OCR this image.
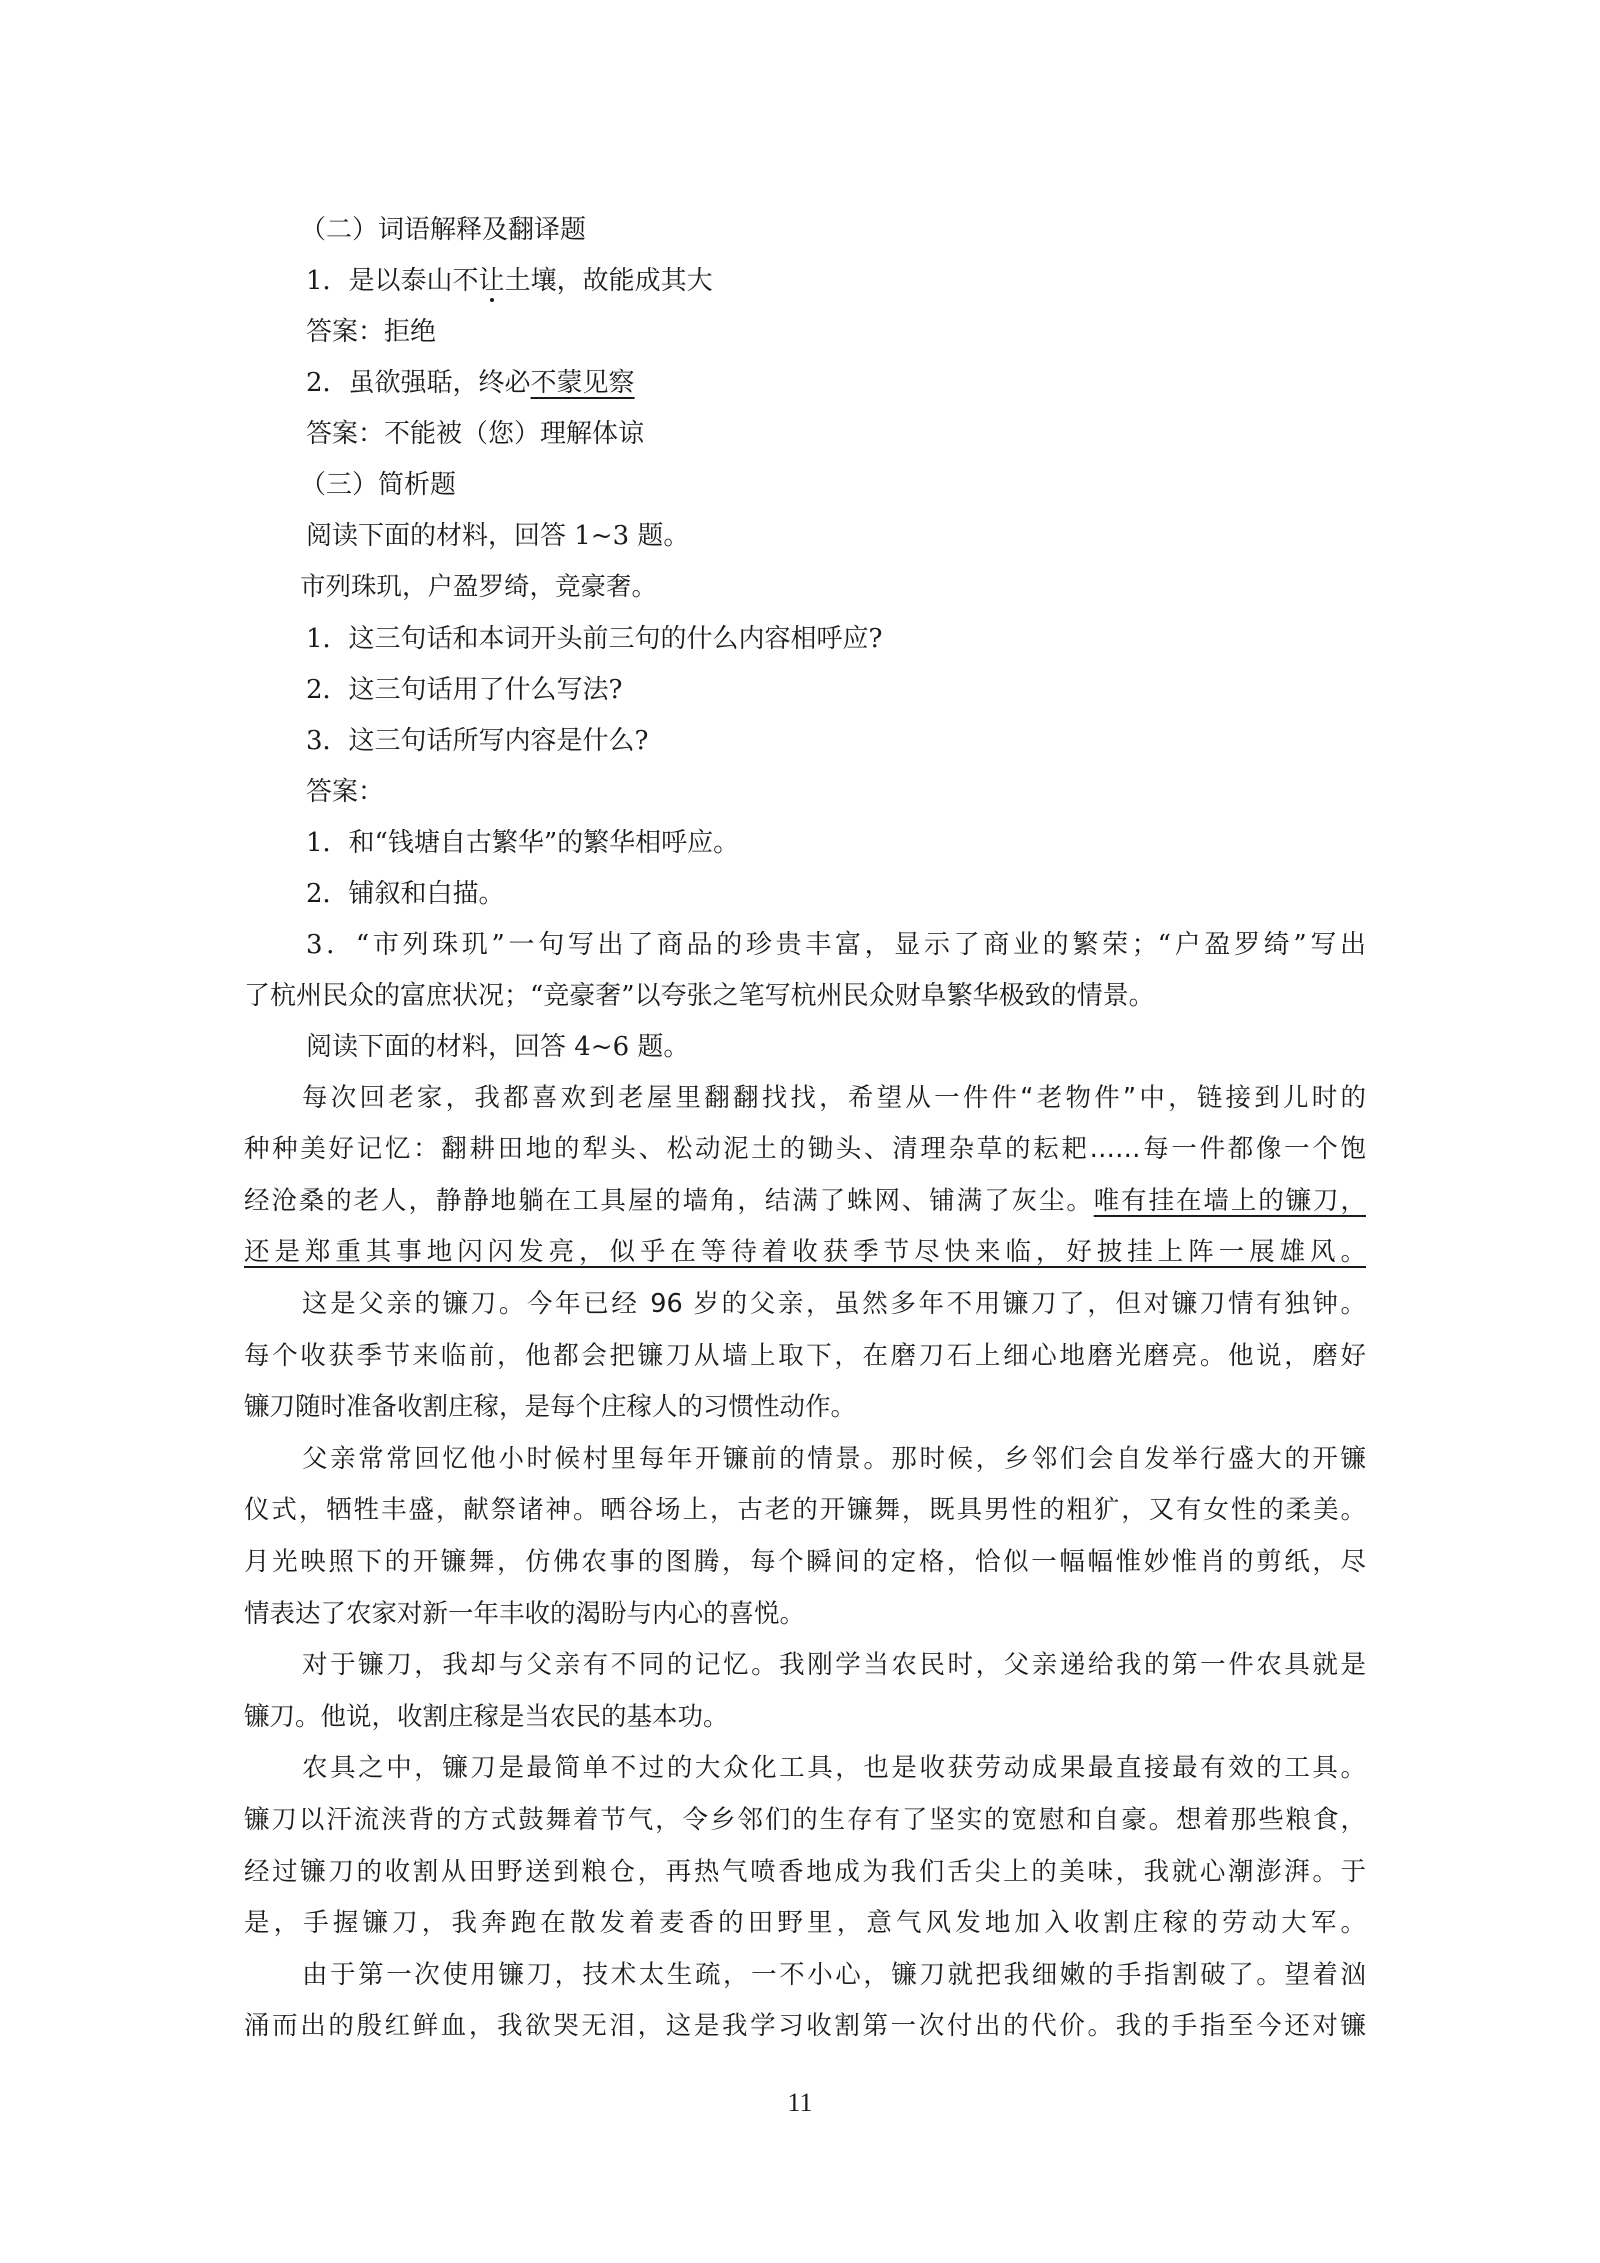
（二）词语解释及翻译题
1．是以泰山不让土壤，故能成其大
答案：拒绝
2．虽欲强聒，终必不蒙见察
答案：不能被（您）理解体谅
（三）简析题
阅读下面的材料，回答 1~3 题。
市列珠玑，户盈罗绮，竞豪奢。
1．这三句话和本词开头前三句的什么内容相呼应?
2．这三句话用了什么写法?
3．这三句话所写内容是什么?
答案：
1．和“钱塘自古繁华”的繁华相呼应。
2．铺叙和白描。
3．“市列珠玑”一句写出了商品的珍贵丰富，显示了商业的繁荣；“户盈罗绮”写出
了杭州民众的富庶状况；“竞豪奢”以夸张之笔写杭州民众财阜繁华极致的情景。
阅读下面的材料，回答 4~6 题。
每次回老家，我都喜欢到老屋里翻翻找找，希望从一件件“老物件”中，链接到儿时的
种种美好记忆：翻耕田地的犁头、松动泥土的锄头、清理杂草的耘耙……每一件都像一个饱
经沧桑的老人，静静地躺在工具屋的墙角，结满了蛛网、铺满了灰尘。唯有挂在墙上的镰刀，
还是郑重其事地闪闪发亮，似乎在等待着收获季节尽快来临，好披挂上阵一展雄风。
这是父亲的镰刀。今年已经 96 岁的父亲，虽然多年不用镰刀了，但对镰刀情有独钟。
每个收获季节来临前，他都会把镰刀从墙上取下，在磨刀石上细心地磨光磨亮。他说，磨好
镰刀随时准备收割庄稼，是每个庄稼人的习惯性动作。
父亲常常回忆他小时候村里每年开镰前的情景。那时候，乡邻们会自发举行盛大的开镰
仪式，牺牲丰盛，献祭诸神。晒谷场上，古老的开镰舞，既具男性的粗犷，又有女性的柔美。
月光映照下的开镰舞，仿佛农事的图腾，每个瞬间的定格，恰似一幅幅惟妙惟肖的剪纸，尽
情表达了农家对新一年丰收的渴盼与内心的喜悦。
对于镰刀，我却与父亲有不同的记忆。我刚学当农民时，父亲递给我的第一件农具就是
镰刀。他说，收割庄稼是当农民的基本功。
农具之中，镰刀是最简单不过的大众化工具，也是收获劳动成果最直接最有效的工具。
镰刀以汗流浃背的方式鼓舞着节气，令乡邻们的生存有了坚实的宽慰和自豪。想着那些粮食，
经过镰刀的收割从田野送到粮仓，再热气喷香地成为我们舌尖上的美味，我就心潮澎湃。于
是，手握镰刀，我奔跑在散发着麦香的田野里，意气风发地加入收割庄稼的劳动大军。
由于第一次使用镰刀，技术太生疏，一不小心，镰刀就把我细嫩的手指割破了。望着汹
涌而出的殷红鲜血，我欲哭无泪，这是我学习收割第一次付出的代价。我的手指至今还对镰
11
